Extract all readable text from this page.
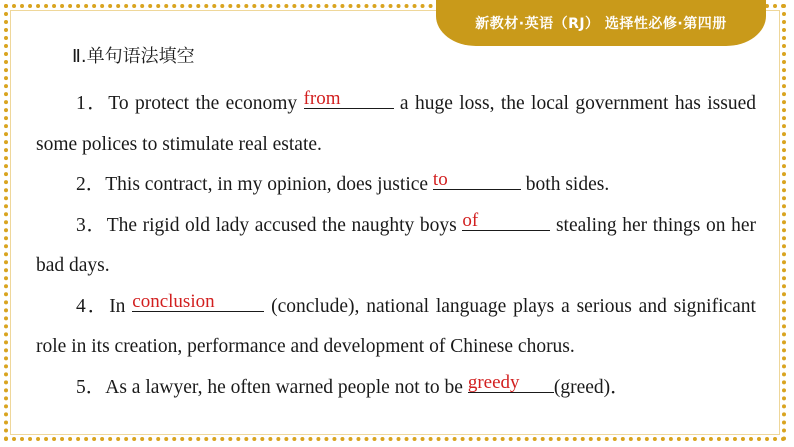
新教材·英语（RJ） 选择性必修·第四册
Ⅱ.单句语法填空
1．To protect the economy from	a huge loss, the local government has issued some polices to stimulate real estate.
2．This contract, in my opinion, does justice to	both sides.
3．The rigid old lady accused the naughty boys of	stealing her things on her bad days.
4．In conclusion	(conclude), national language plays a serious and significant role in its creation, performance and development of Chinese chorus.
5．As a lawyer, he often warned people not to be greedy	(greed)．
